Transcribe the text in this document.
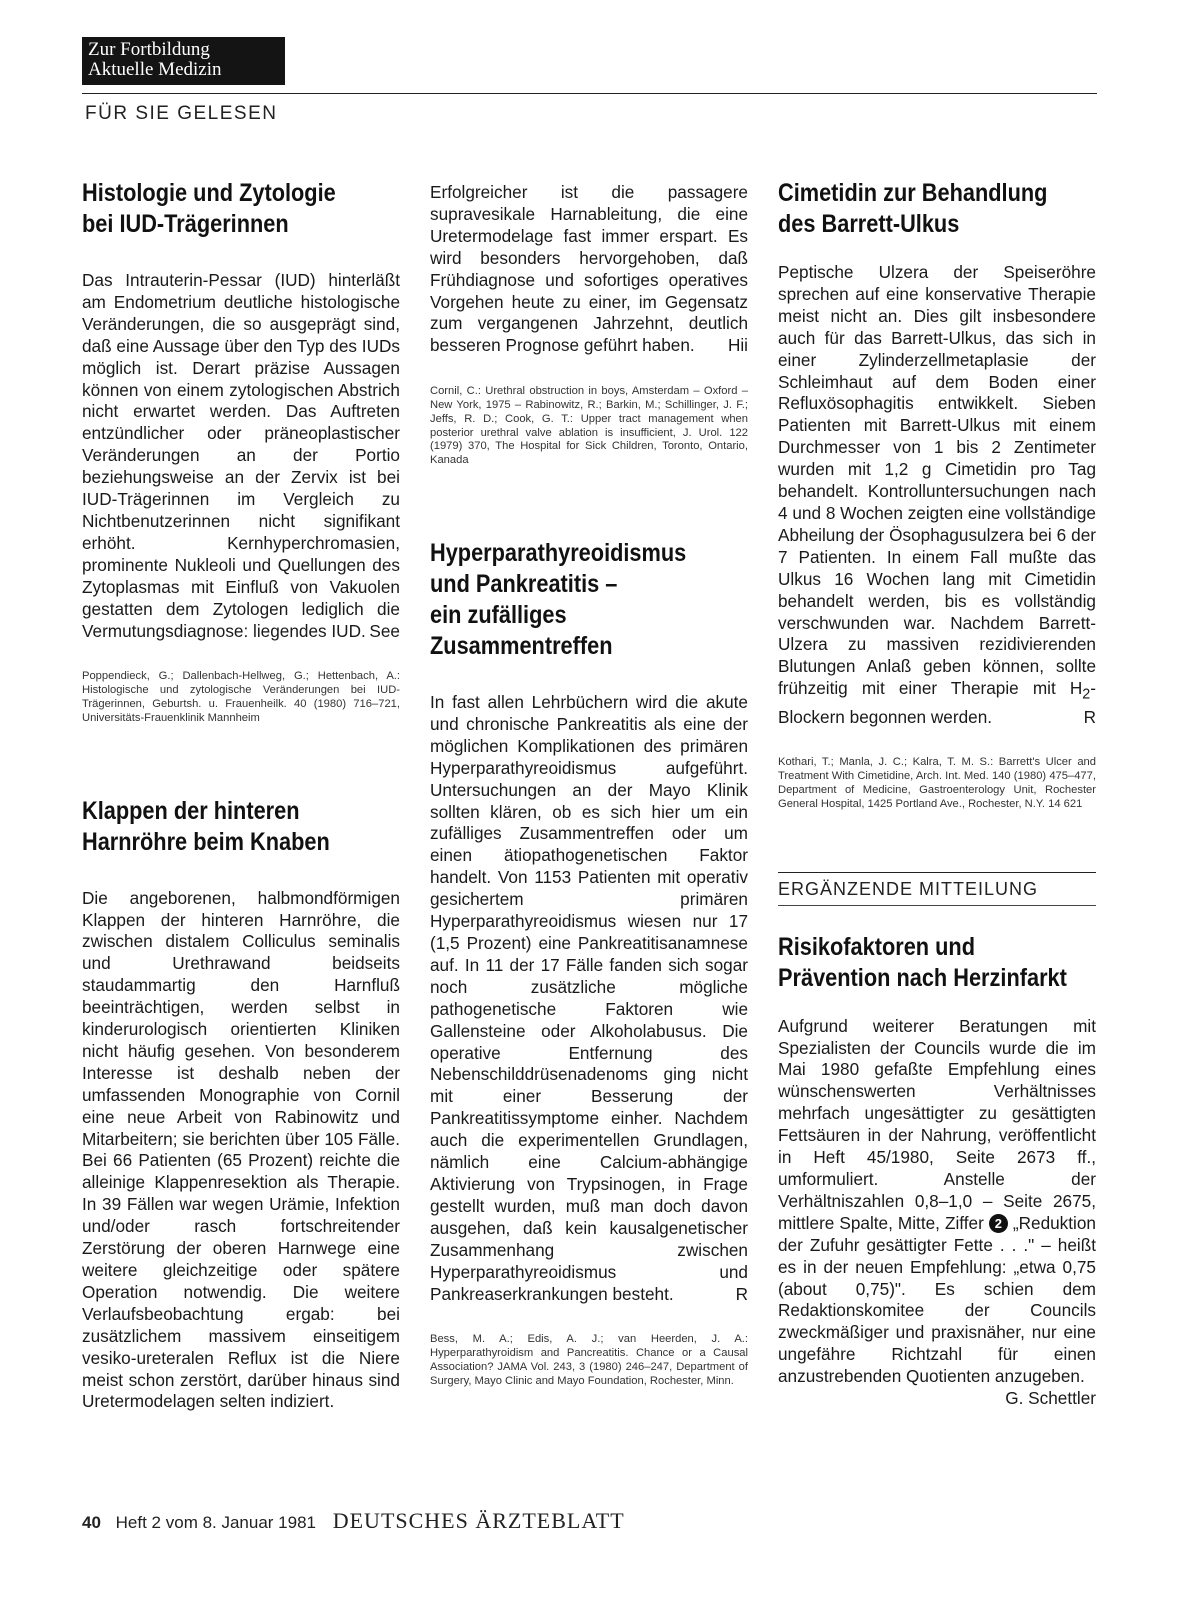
Zur Fortbildung
Aktuelle Medizin
FÜR SIE GELESEN
Histologie und Zytologie
bei IUD-Trägerinnen

Das Intrauterin-Pessar (IUD) hinterläßt am Endometrium deutliche histologische Veränderungen, die so ausgeprägt sind, daß eine Aussage über den Typ des IUDs möglich ist. Derart präzise Aussagen können von einem zytologischen Abstrich nicht erwartet werden. Das Auftreten entzündlicher oder präneoplastischer Veränderungen an der Portio beziehungsweise an der Zervix ist bei IUD-Trägerinnen im Vergleich zu Nichtbenutzerinnen nicht signifikant erhöht. Kernhyperchromasien, prominente Nukleoli und Quellungen des Zytoplasmas mit Einfluß von Vakuolen gestatten dem Zytologen lediglich die Vermutungsdiagnose: liegendes IUD. See

Poppendieck, G.; Dallenbach-Hellweg, G.; Hettenbach, A.: Histologische und zytologische Veränderungen bei IUD-Trägerinnen, Geburtsh. u. Frauenheilk. 40 (1980) 716–721, Universitäts-Frauenklinik Mannheim

Klappen der hinteren
Harnröhre beim Knaben

Die angeborenen, halbmondförmigen Klappen der hinteren Harnröhre, die zwischen distalem Colliculus seminalis und Urethrawand beidseits staudammartig den Harnfluß beeinträchtigen, werden selbst in kinderurologisch orientierten Kliniken nicht häufig gesehen. Von besonderem Interesse ist deshalb neben der umfassenden Monographie von Cornil eine neue Arbeit von Rabinowitz und Mitarbeitern; sie berichten über 105 Fälle. Bei 66 Patienten (65 Prozent) reichte die alleinige Klappenresektion als Therapie. In 39 Fällen war wegen Urämie, Infektion und/oder rasch fortschreitender Zerstörung der oberen Harnwege eine weitere gleichzeitige oder spätere Operation notwendig. Die weitere Verlaufsbeobachtung ergab: bei zusätzlichem massivem einseitigem vesiko-ureteralen Reflux ist die Niere meist schon zerstört, darüber hinaus sind Uretermodelagen selten indiziert.

Erfolgreicher ist die passagere supravesikale Harnableitung, die eine Uretermodelage fast immer erspart. Es wird besonders hervorgehoben, daß Frühdiagnose und sofortiges operatives Vorgehen heute zu einer, im Gegensatz zum vergangenen Jahrzehnt, deutlich besseren Prognose geführt haben. Hii

Cornil, C.: Urethral obstruction in boys, Amsterdam – Oxford – New York, 1975 – Rabinowitz, R.; Barkin, M.; Schillinger, J. F.; Jeffs, R. D.; Cook, G. T.: Upper tract management when posterior urethral valve ablation is insufficient, J. Urol. 122 (1979) 370, The Hospital for Sick Children, Toronto, Ontario, Kanada

Hyperparathyreoidismus
und Pankreatitis –
ein zufälliges
Zusammentreffen

In fast allen Lehrbüchern wird die akute und chronische Pankreatitis als eine der möglichen Komplikationen des primären Hyperparathyreoidismus aufgeführt. Untersuchungen an der Mayo Klinik sollten klären, ob es sich hier um ein zufälliges Zusammentreffen oder um einen ätiopathogenetischen Faktor handelt. Von 1153 Patienten mit operativ gesichertem primären Hyperparathyreoidismus wiesen nur 17 (1,5 Prozent) eine Pankreatitisanamnese auf. In 11 der 17 Fälle fanden sich sogar noch zusätzliche mögliche pathogenetische Faktoren wie Gallensteine oder Alkoholabusus. Die operative Entfernung des Nebenschilddrüsenadenoms ging nicht mit einer Besserung der Pankreatitissymptome einher. Nachdem auch die experimentellen Grundlagen, nämlich eine Calcium-abhängige Aktivierung von Trypsinogen, in Frage gestellt wurden, muß man doch davon ausgehen, daß kein kausalgenetischer Zusammenhang zwischen Hyperparathyreoidismus und Pankreaserkrankungen besteht.	R

Bess, M. A.; Edis, A. J.; van Heerden, J. A.: Hyperparathyroidism and Pancreatitis. Chance or a Causal Association? JAMA Vol. 243, 3 (1980) 246–247, Department of Surgery, Mayo Clinic and Mayo Foundation, Rochester, Minn.

Cimetidin zur Behandlung
des Barrett-Ulkus

Peptische Ulzera der Speiseröhre sprechen auf eine konservative Therapie meist nicht an. Dies gilt insbesondere auch für das Barrett-Ulkus, das sich in einer Zylinderzellmetaplasie der Schleimhaut auf dem Boden einer Refluxösophagitis entwikkelt. Sieben Patienten mit Barrett-Ulkus mit einem Durchmesser von 1 bis 2 Zentimeter wurden mit 1,2 g Cimetidin pro Tag behandelt. Kontrolluntersuchungen nach 4 und 8 Wochen zeigten eine vollständige Abheilung der Ösophagusulzera bei 6 der 7 Patienten. In einem Fall mußte das Ulkus 16 Wochen lang mit Cimetidin behandelt werden, bis es vollständig verschwunden war. Nachdem Barrett-Ulzera zu massiven rezidivierenden Blutungen Anlaß geben können, sollte frühzeitig mit einer Therapie mit $H_2$-Blockern begonnen werden.	R

Kothari, T.; Manla, J. C.; Kalra, T. M. S.: Barrett's Ulcer and Treatment With Cimetidine, Arch. Int. Med. 140 (1980) 475–477, Department of Medicine, Gastroenterology Unit, Rochester General Hospital, 1425 Portland Ave., Rochester, N.Y. 14 621

ERGÄNZENDE MITTEILUNG
Risikofaktoren und
Prävention nach Herzinfarkt

Aufgrund weiterer Beratungen mit Spezialisten der Councils wurde die im Mai 1980 gefaßte Empfehlung eines wünschenswerten Verhältnisses mehrfach ungesättigter zu gesättigten Fettsäuren in der Nahrung, veröffentlicht in Heft 45/1980, Seite 2673 ff., umformuliert. Anstelle der Verhältniszahlen 0,8–1,0 – Seite 2675, mittlere Spalte, Mitte, Ziffer 2 „Reduktion der Zufuhr gesättigter Fette . . ." – heißt es in der neuen Empfehlung: „etwa 0,75 (about 0,75)". Es schien dem Redaktionskomitee der Councils zweckmäßiger und praxisnäher, nur eine ungefähre Richtzahl für einen anzustrebenden Quotienten anzugeben.
G. Schettler

40 Heft 2 vom 8. Januar 1981 DEUTSCHES ÄRZTEBLATT
